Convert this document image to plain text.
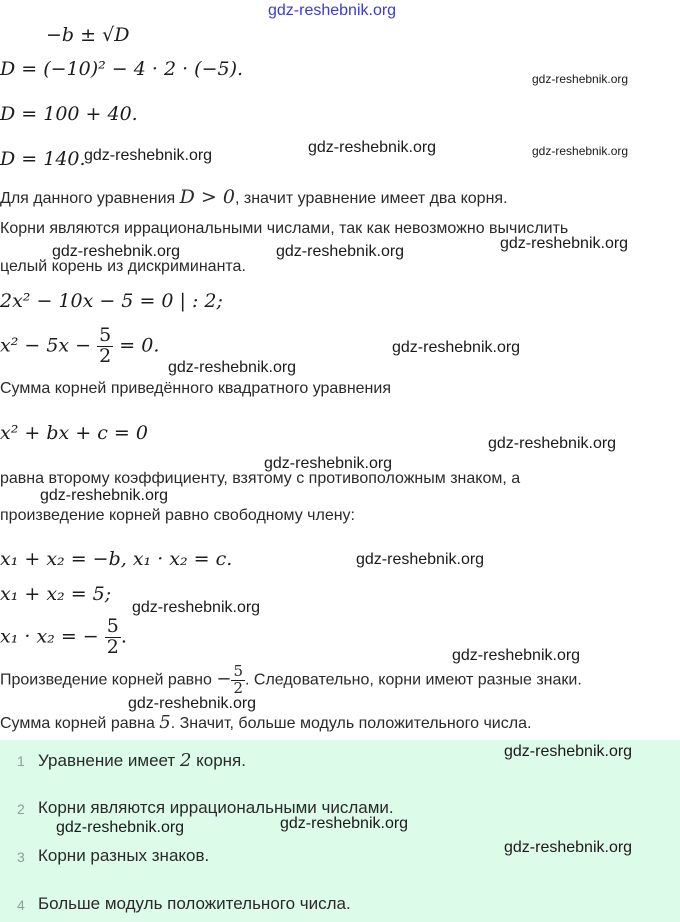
gdz-reshebnik.org
−b ± √D
D = (−10)² − 4 · 2 · (−5).
D = 100 + 40.
D = 140.
Для данного уравнения D > 0, значит уравнение имеет два корня.
Корни являются иррациональными числами, так как невозможно вычислить
целый корень из дискриминанта.
2x² − 10x − 5 = 0 | : 2;
$x^2 - 5x - \frac{5}{2} = 0$.
Сумма корней приведённого квадратного уравнения
x² + bx + c = 0
равна второму коэффициенту, взятому с противоположным знаком, а
произведение корней равно свободному члену:
x₁ + x₂ = −b, x₁ · x₂ = c.
x₁ + x₂ = 5;
x₁ · x₂ = − $\frac{5}{2}$ .
Произведение корней равно − $\frac{5}{2}$ . Следовательно, корни имеют разные знаки.
Сумма корней равна 5. Значит, больше модуль положительного числа.
1 Уравнение имеет 2 корня.
2 Корни являются иррациональными числами.
3 Корни разных знаков.
4 Больше модуль положительного числа.
gdz-reshebnik.org
gdz-reshebnik.org	gdz-reshebnik.org	gdz-reshebnik.org
gdz-reshebnik.org	gdz-reshebnik.org	gdz-reshebnik.org
gdz-reshebnik.org
gdz-reshebnik.org
gdz-reshebnik.org
gdz-reshebnik.org
gdz-reshebnik.org
gdz-reshebnik.org
gdz-reshebnik.org
gdz-reshebnik.org
gdz-reshebnik.org
gdz-reshebnik.org
gdz-reshebnik.org	gdz-reshebnik.org
gdz-reshebnik.org
